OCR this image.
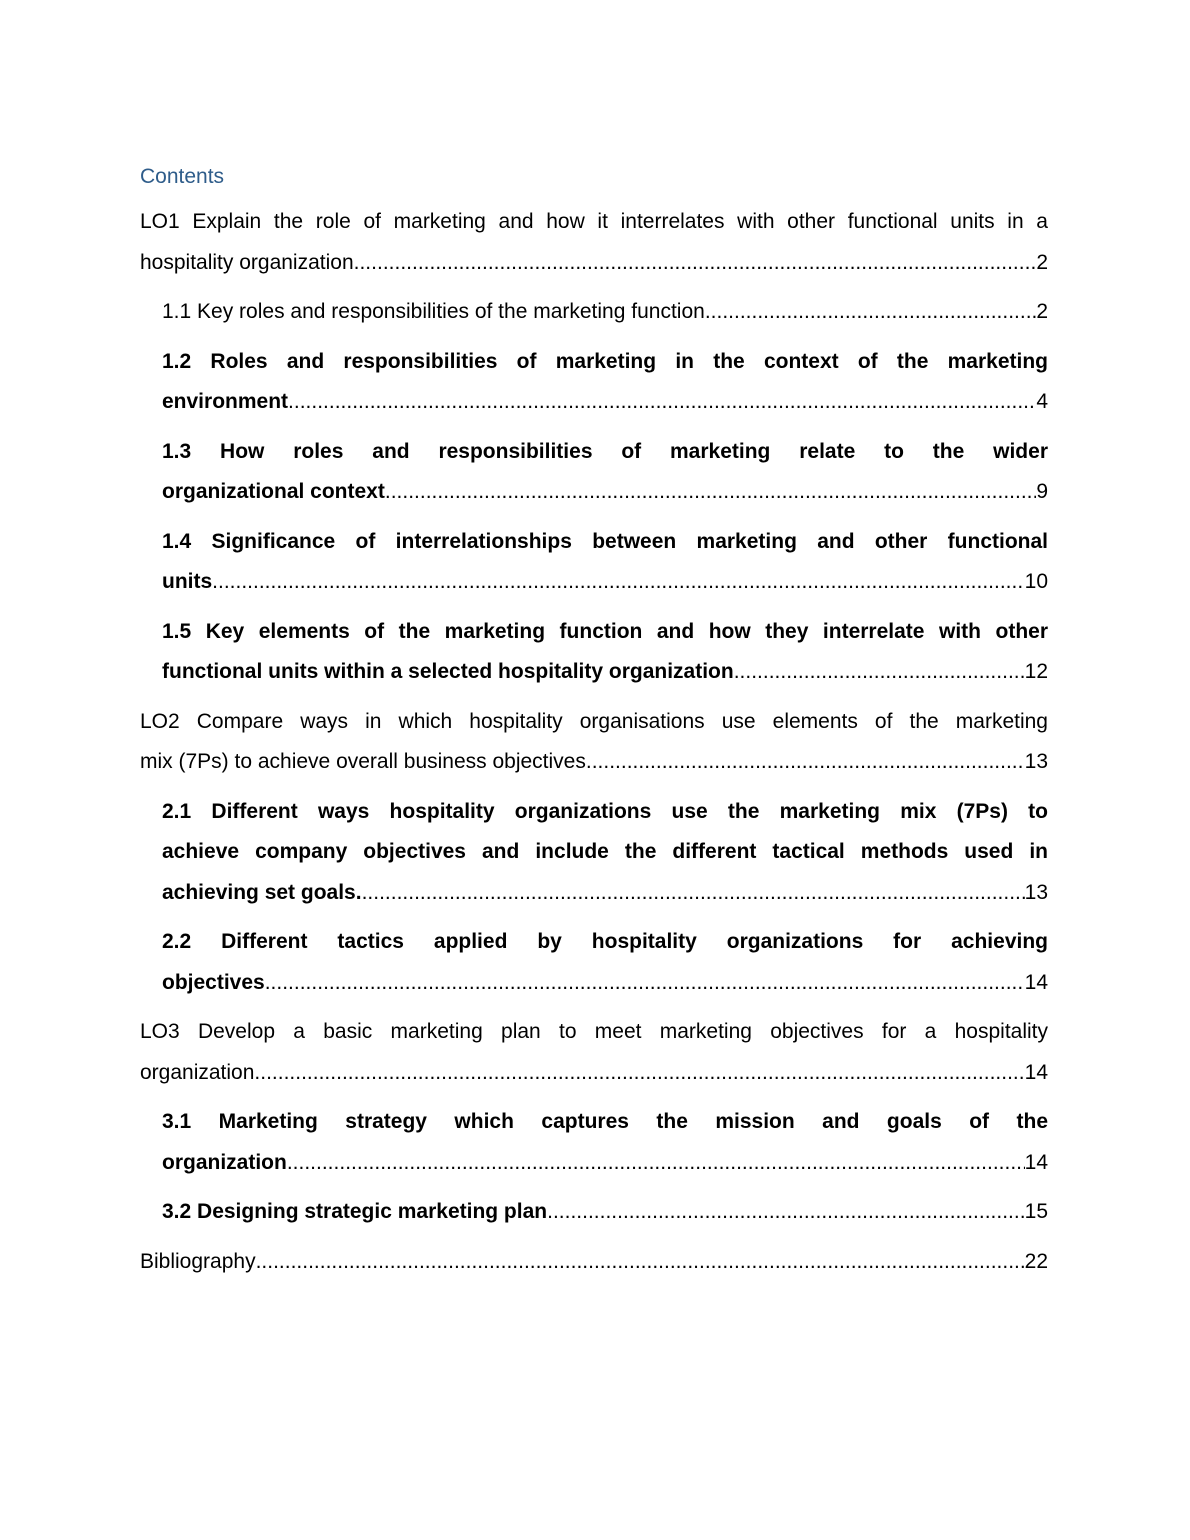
Contents
LO1 Explain the role of marketing and how it interrelates with other functional units in a
hospitality organization .....	2
1.1 Key roles and responsibilities of the marketing function .....	2
1.2 Roles and responsibilities of marketing in the context of the marketing
environment .....	4
1.3 How roles and responsibilities of marketing relate to the wider
organizational context .....	9
1.4 Significance of interrelationships between marketing and other functional
units .....	10
1.5 Key elements of the marketing function and how they interrelate with other
functional units within a selected hospitality organization .....	12
LO2 Compare ways in which hospitality organisations use elements of the marketing
mix (7Ps) to achieve overall business objectives .....	13
2.1 Different ways hospitality organizations use the marketing mix (7Ps) to
achieve company objectives and include the different tactical methods used in
achieving set goals. .....	13
2.2 Different tactics applied by hospitality organizations for achieving
objectives .....	14
LO3 Develop a basic marketing plan to meet marketing objectives for a hospitality
organization .....	14
3.1 Marketing strategy which captures the mission and goals of the
organization .....	14
3.2 Designing strategic marketing plan .....	15
Bibliography .....	22
